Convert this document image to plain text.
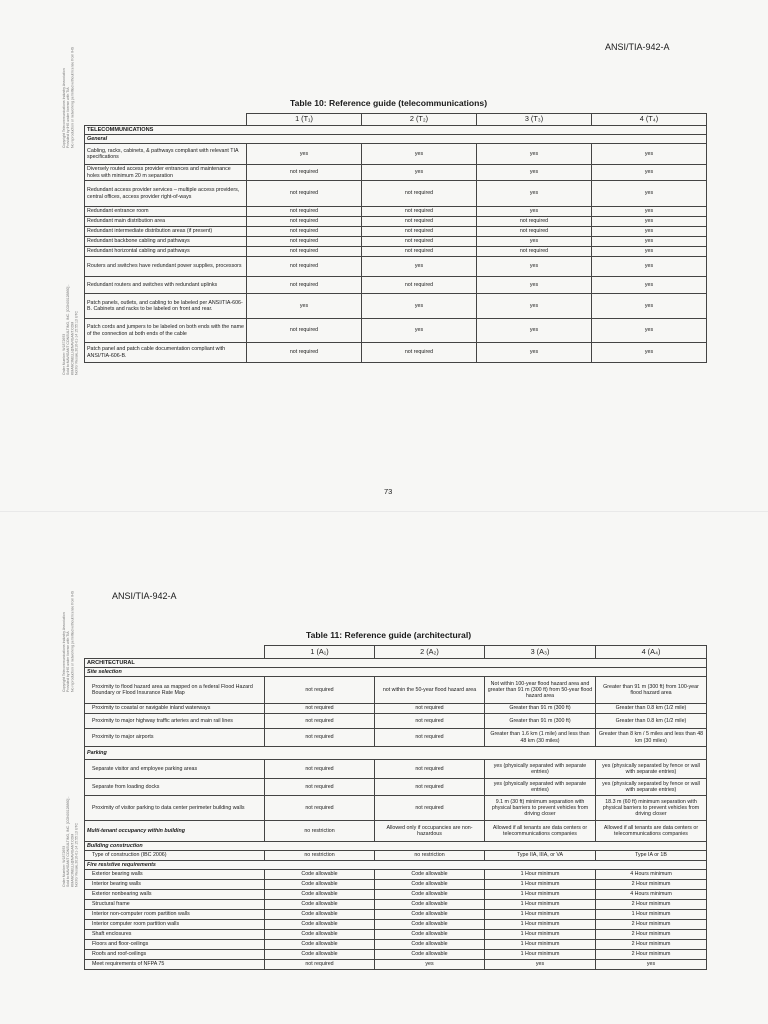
Copyright Telecommunications Industry Association
Provided by IHS under license with TIA
No reproduction or networking permitted without license from IHS
Order Number: W1872693
Sold to:NAVIGANT CONSULTING, INC. [CON00128860] - KMANCINELLI@NAVIGANT.COM
Not for Resale,2016-01-14 15:55:13 UTC
ANSI/TIA-942-A
Table 10: Reference guide (telecommunications)
	1 (T₁)	2 (T₂)	3 (T₃)	4 (T₄)
TELECOMMUNICATIONS				
General				
Cabling, racks, cabinets, & pathways compliant with relevant TIA specifications	yes	yes	yes	yes
Diversely routed access provider entrances and maintenance holes with minimum 20 m separation	not required	yes	yes	yes
Redundant access provider services – multiple access providers, central offices, access provider right-of-ways	not required	not required	yes	yes
Redundant entrance room	not required	not required	yes	yes
Redundant main distribution area	not required	not required	not required	yes
Redundant intermediate distribution areas (if present)	not required	not required	not required	yes
Redundant backbone cabling and pathways	not required	not required	yes	yes
Redundant horizontal cabling and pathways	not required	not required	not required	yes
Routers and switches have redundant power supplies, processors	not required	yes	yes	yes
Redundant routers and switches with redundant uplinks	not required	not required	yes	yes
Patch panels, outlets, and cabling to be labeled per ANSI/TIA-606-B. Cabinets and racks to be labeled on front and rear.	yes	yes	yes	yes
Patch cords and jumpers to be labeled on both ends with the name of the connection at both ends of the cable	not required	yes	yes	yes
Patch panel and patch cable documentation compliant with ANSI/TIA-606-B.	not required	not required	yes	yes
73
Copyright Telecommunications Industry Association
Provided by IHS under license with TIA
No reproduction or networking permitted without license from IHS
Order Number: W1872693
Sold to:NAVIGANT CONSULTING, INC. [CON00128860] - KMANCINELLI@NAVIGANT.COM
Not for Resale,2016-01-14 15:55:13 UTC
ANSI/TIA-942-A
Table 11: Reference guide (architectural)
	1 (A₁)	2 (A₂)	3 (A₃)	4 (A₄)
ARCHITECTURAL				
Site selection				
Proximity to flood hazard area as mapped on a federal Flood Hazard Boundary or Flood Insurance Rate Map	not required	not within the 50-year flood hazard area	Not within 100-year flood hazard area and greater than 91 m (300 ft) from 50-year flood hazard area	Greater than 91 m (300 ft) from 100-year flood hazard area
Proximity to coastal or navigable inland waterways	not required	not required	Greater than 91 m (300 ft)	Greater than 0.8 km (1/2 mile)
Proximity to major highway traffic arteries and main rail lines	not required	not required	Greater than 91 m (300 ft)	Greater than 0.8 km (1/2 mile)
Proximity to major airports	not required	not required	Greater than 1.6 km (1 mile) and less than 48 km (30 miles)	Greater than 8 km / 5 miles and less than 48 km (30 miles)
Parking				
Separate visitor and employee parking areas	not required	not required	yes (physically separated with separate entries)	yes (physically separated by fence or wall with separate entries)
Separate from loading docks	not required	not required	yes (physically separated with separate entries)	yes (physically separated by fence or wall with separate entries)
Proximity of visitor parking to data center perimeter building walls	not required	not required	9.1 m (30 ft) minimum separation with physical barriers to prevent vehicles from driving closer	18.3 m (60 ft) minimum separation with physical barriers to prevent vehicles from driving closer
Multi-tenant occupancy within building	no restriction	Allowed only if occupancies are non-hazardous	Allowed if all tenants are data centers or telecommunications companies	Allowed if all tenants are data centers or telecommunications companies
Building construction				
Type of construction (IBC 2006)	no restriction	no restriction	Type IIA, IIIA, or VA	Type IA or 1B
Fire resistive requirements				
Exterior bearing walls	Code allowable	Code allowable	1 Hour minimum	4 Hours minimum
Interior bearing walls	Code allowable	Code allowable	1 Hour minimum	2 Hour minimum
Exterior nonbearing walls	Code allowable	Code allowable	1 Hour minimum	4 Hours minimum
Structural frame	Code allowable	Code allowable	1 Hour minimum	2 Hour minimum
Interior non-computer room partition walls	Code allowable	Code allowable	1 Hour minimum	1 Hour minimum
Interior computer room partition walls	Code allowable	Code allowable	1 Hour minimum	2 Hour minimum
Shaft enclosures	Code allowable	Code allowable	1 Hour minimum	2 Hour minimum
Floors and floor-ceilings	Code allowable	Code allowable	1 Hour minimum	2 Hour minimum
Roofs and roof-ceilings	Code allowable	Code allowable	1 Hour minimum	2 Hour minimum
Meet requirements of NFPA 75	not required	yes	yes	yes
